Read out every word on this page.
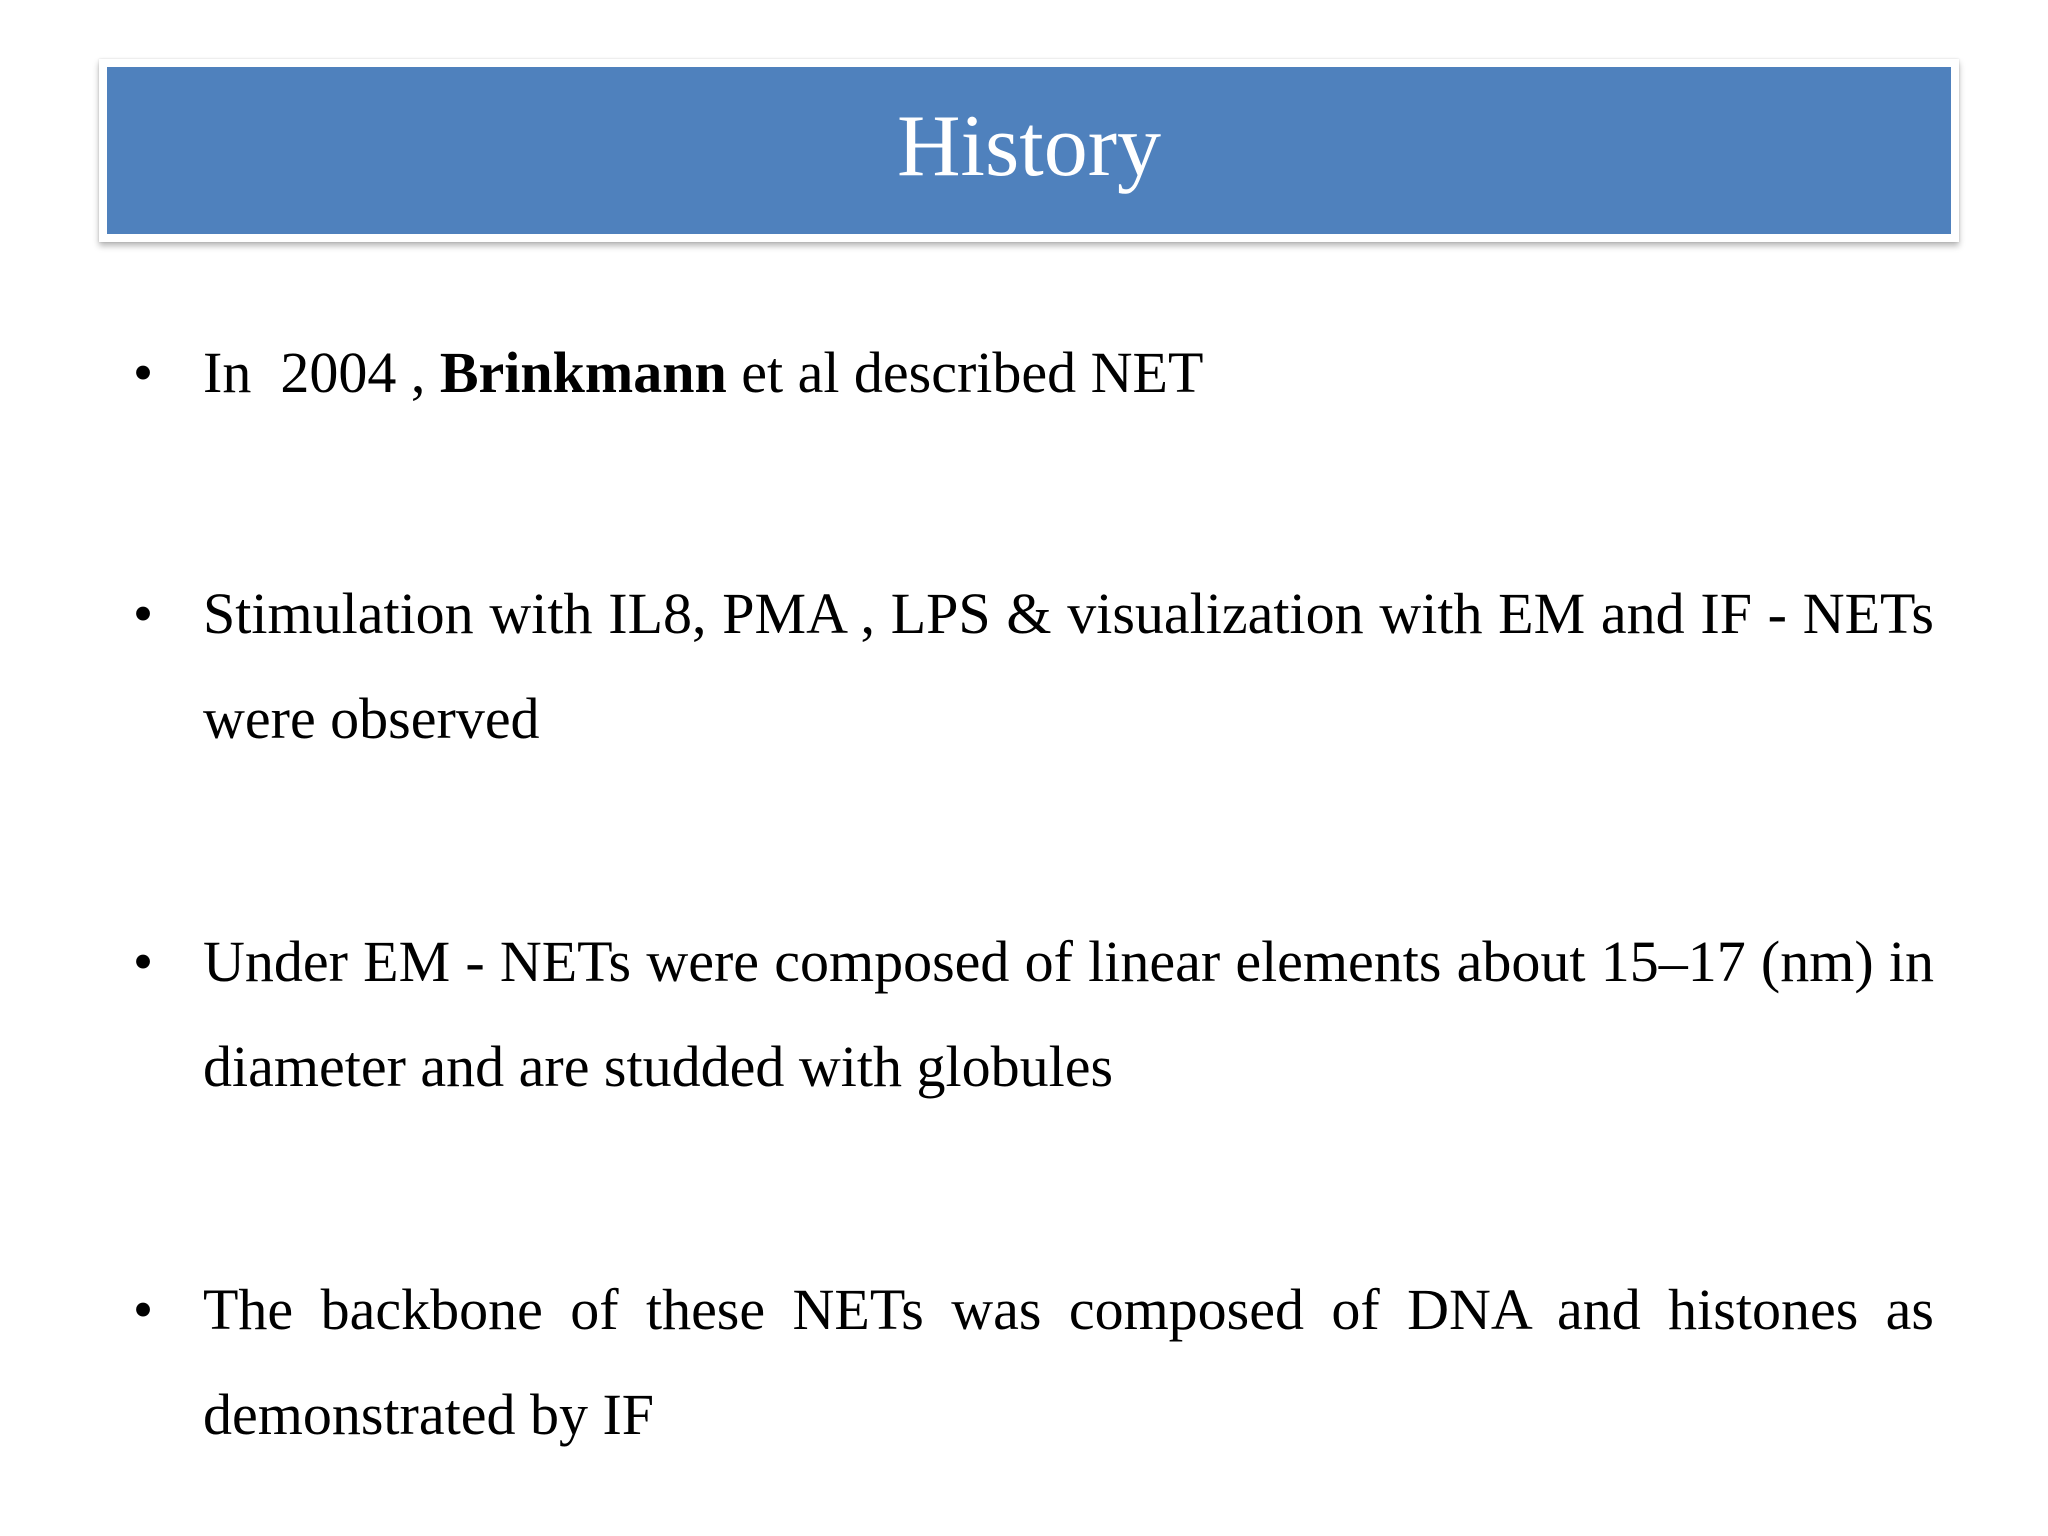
History
• In  2004 , Brinkmann et al described NET
• Stimulation with IL8, PMA , LPS & visualization with EM and IF - NETs were observed
• Under EM - NETs were composed of linear elements about 15–17 (nm) in diameter and are studded with globules
• The backbone of these NETs was composed of DNA and histones as demonstrated by IF
